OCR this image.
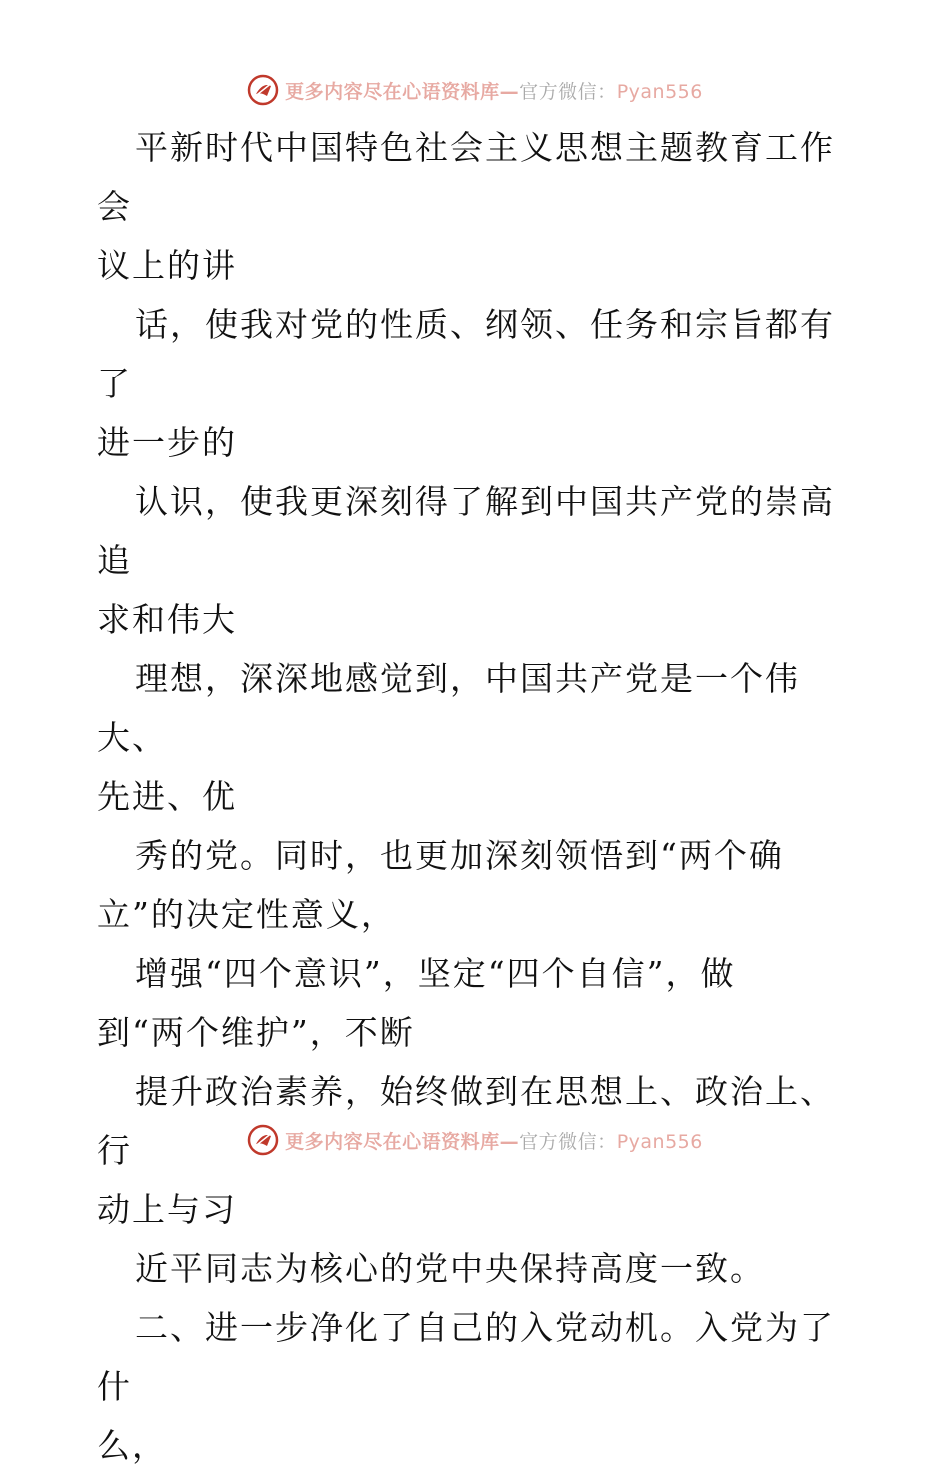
更多内容尽在心语资料库—官方微信：Pyan556

平新时代中国特色社会主义思想主题教育工作会

议上的讲

话，使我对党的性质、纲领、任务和宗旨都有了

进一步的

认识，使我更深刻得了解到中国共产党的崇高追

求和伟大

理想，深深地感觉到，中国共产党是一个伟大、

先进、优

秀的党。同时，也更加深刻领悟到“两个确

立”的决定性意义，

增强“四个意识”，坚定“四个自信”，做

到“两个维护”，不断

提升政治素养，始终做到在思想上、政治上、行

动上与习

近平同志为核心的党中央保持高度一致。

二、进一步净化了自己的入党动机。入党为了什

么，

更多内容尽在心语资料库—官方微信：Pyan556
